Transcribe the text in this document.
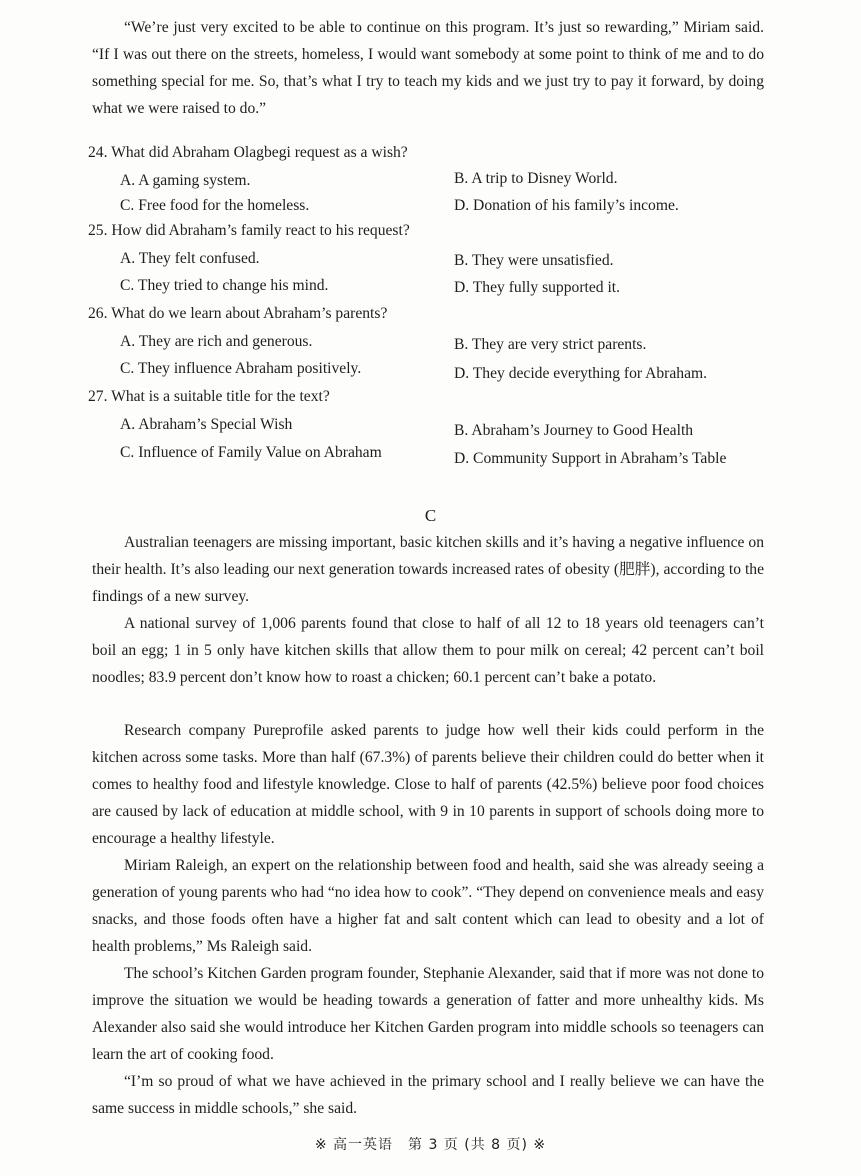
“We’re just very excited to be able to continue on this program. It’s just so rewarding,” Miriam said. “If I was out there on the streets, homeless, I would want somebody at some point to think of me and to do something special for me. So, that’s what I try to teach my kids and we just try to pay it forward, by doing what we were raised to do.”

24. What did Abraham Olagbegi request as a wish?
A. A gaming system.	B. A trip to Disney World.
C. Free food for the homeless.	D. Donation of his family’s income.
25. How did Abraham’s family react to his request?
A. They felt confused.	B. They were unsatisfied.
C. They tried to change his mind.	D. They fully supported it.
26. What do we learn about Abraham’s parents?
A. They are rich and generous.	B. They are very strict parents.
C. They influence Abraham positively.	D. They decide everything for Abraham.
27. What is a suitable title for the text?
A. Abraham’s Special Wish	B. Abraham’s Journey to Good Health
C. Influence of Family Value on Abraham	D. Community Support in Abraham’s Table
C

Australian teenagers are missing important, basic kitchen skills and it’s having a negative influence on their health. It’s also leading our next generation towards increased rates of obesity (肥胖), according to the findings of a new survey.

A national survey of 1,006 parents found that close to half of all 12 to 18 years old teenagers can’t boil an egg; 1 in 5 only have kitchen skills that allow them to pour milk on cereal; 42 percent can’t boil noodles; 83.9 percent don’t know how to roast a chicken; 60.1 percent can’t bake a potato.

Research company Pureprofile asked parents to judge how well their kids could perform in the kitchen across some tasks. More than half (67.3%) of parents believe their children could do better when it comes to healthy food and lifestyle knowledge. Close to half of parents (42.5%) believe poor food choices are caused by lack of education at middle school, with 9 in 10 parents in support of schools doing more to encourage a healthy lifestyle.

Miriam Raleigh, an expert on the relationship between food and health, said she was already seeing a generation of young parents who had “no idea how to cook”. “They depend on convenience meals and easy snacks, and those foods often have a higher fat and salt content which can lead to obesity and a lot of health problems,” Ms Raleigh said.

The school’s Kitchen Garden program founder, Stephanie Alexander, said that if more was not done to improve the situation we would be heading towards a generation of fatter and more unhealthy kids. Ms Alexander also said she would introduce her Kitchen Garden program into middle schools so teenagers can learn the art of cooking food.

“I’m so proud of what we have achieved in the primary school and I really believe we can have the same success in middle schools,” she said.

※ 高一英语　第 3 页 (共 8 页) ※
